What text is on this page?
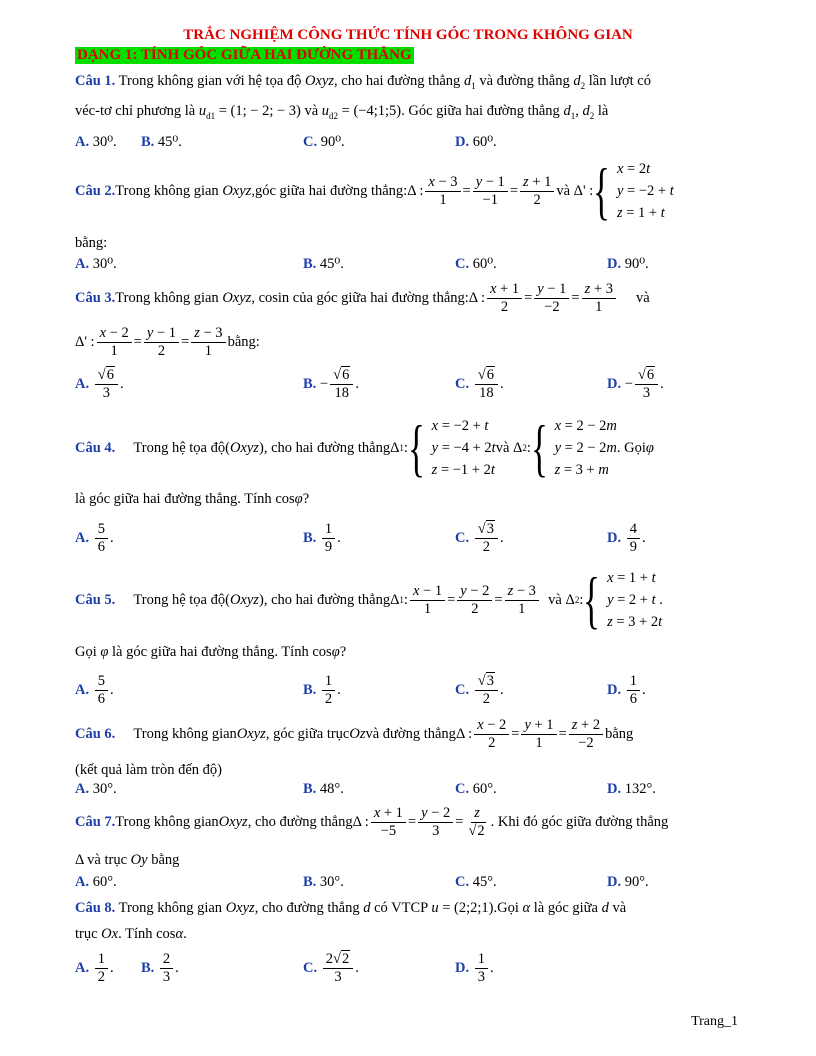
TRẮC NGHIỆM CÔNG THỨC TÍNH GÓC TRONG KHÔNG GIAN
DẠNG 1: TÍNH GÓC GIỮA HAI ĐƯỜNG THẲNG
Câu 1. Trong không gian với hệ tọa độ Oxyz, cho hai đường thẳng $d_1$ và đường thẳng $d_2$ lần lượt có
véc-tơ chỉ phương là $u_{d1} = (1$; − 2; − 3) và $u_{d2}$ = (−4;1;5). Góc giữa hai đường thẳng $d_1$, $d_2$ là
A. 30⁰. B. 45⁰.	C. 90⁰.	D. 60⁰.
Câu 2. Trong không gian
Oxyz ,góc giữa hai đường thẳng: Δ : $\frac{x - 3}{1} = \frac{y - 1}{-1} = \frac{z + 1}{2}$ và Δ' : { x = 2t
y = −2 + t
z = 1 + t
bằng:
A. 30⁰.	B. 45⁰.	C. 60⁰.	D. 90⁰.
Câu 3. Trong không gian
Oxyz , cosin của góc giữa hai đường thẳng: Δ : $\frac{x + 1}{2} = \frac{y - 1}{-2} = \frac{z + 3}{1}$ và
Δ' : $\frac{x - 2}{1} = \frac{y - 1}{2} = \frac{z - 3}{1}$ bằng:
A.
$\frac{√6}{3}$ .	B. − $\frac{√6}{18}$ .	C.
$\frac{√6}{18}$ .	D. − $\frac{√6}{3}$ .
Câu 4.
Trong hệ tọa độ ( Oxyz ) , cho hai đường thẳng Δ 1 : { x = −2 + t
y = −4 + 2t
z = −1 + 2t
và Δ 2 : { x = 2 − 2m
y = 2 − 2m
z = 3 + m
. Gọi φ
là góc giữa hai đường thẳng. Tính cosφ?
A.
$\frac{5}{6}$ .	B.
$\frac{1}{9}$ .	C.
$\frac{√3}{2}$ .	D.
$\frac{4}{9}$ .
Câu 5.
Trong hệ tọa độ ( Oxyz ) , cho hai đường thẳng Δ 1 : $\frac{x - 1}{1} = \frac{y - 2}{2} = \frac{z - 3}{1}$
và Δ 2 : { x = 1 + t
y = 2 + t .
z = 3 + 2t
Gọi φ là góc giữa hai đường thẳng. Tính cosφ?
A.
$\frac{5}{6}$ .	B.
$\frac{1}{2}$ .	C.
$\frac{√3}{2}$ .	D.
$\frac{1}{6}$ .
Câu 6.
Trong không gian Oxyz , góc giữa trục Oz và đường thẳng Δ : $\frac{x - 2}{2} = \frac{y + 1}{1} = \frac{z + 2}{-2}$ bằng
(kết quả làm tròn đến độ)
A. 30°.	B. 48°.	C. 60°.	D. 132°.
Câu 7. Trong không gian Oxyz , cho đường thẳng Δ : $\frac{x + 1}{-5} = \frac{y - 2}{3} = \frac{z}{√2}$ . Khi đó góc giữa đường thẳng
Δ và trục Oy bằng
A. 60°.	B. 30°.	C. 45°.	D. 90°.
Câu 8. Trong không gian Oxyz, cho đường thẳng d có VTCP u = (2;2;1).Gọi α là góc giữa d và
trục Ox. Tính cosα.
A.
$\frac{1}{2}$ . B.
$\frac{2}{3}$ .	C.
$\frac{2√2}{3}$ .	D.
$\frac{1}{3}$ .
Trang_1
